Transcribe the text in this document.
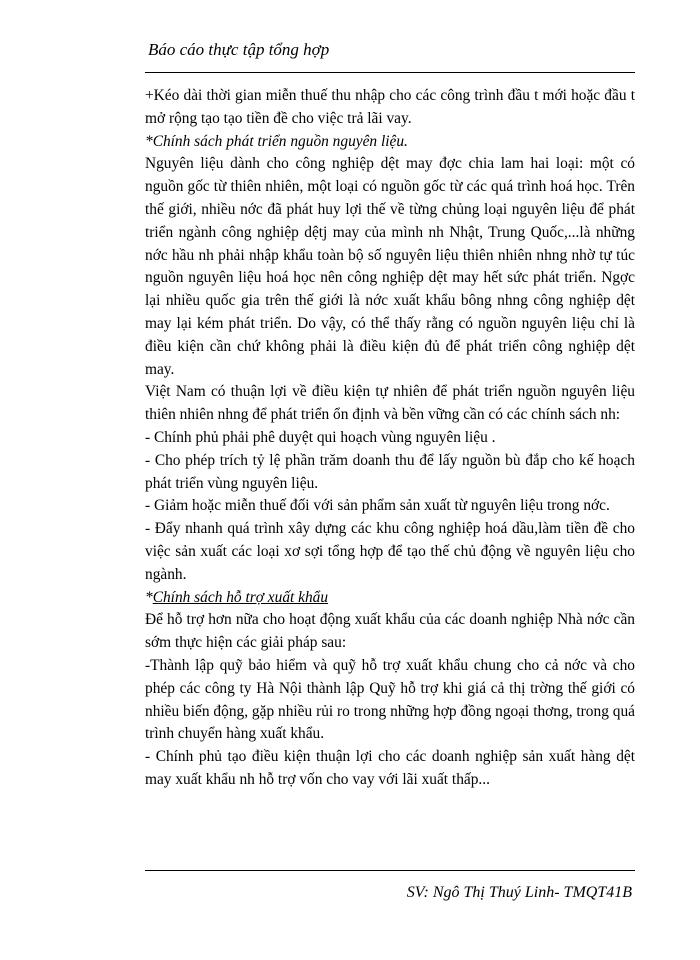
Báo cáo thực tập tổng hợp

+Kéo dài thời gian miễn thuế thu nhập cho các công trình đầu t mới hoặc đầu t mở rộng tạo tạo tiền đề cho việc trả lãi vay.

*Chính sách phát triển nguồn nguyên liệu.

Nguyên liệu dành cho công nghiệp dệt may đợc chia lam hai loại: một có nguồn gốc từ thiên nhiên, một loại có nguồn gốc từ các quá trình hoá học. Trên thế giới, nhiều nớc đã phát huy lợi thế về từng chủng loại nguyên liệu để phát triển ngành công nghiệp dệtj may của mình nh Nhật, Trung Quốc,...là những nớc hầu nh phải nhập khẩu toàn bộ số nguyên liệu thiên nhiên nhng nhờ tự túc nguồn nguyên liệu hoá học nên công nghiệp dệt may hết sức phát triển. Ngợc lại nhiều quốc gia trên thế giới là nớc xuất khẩu bông nhng công nghiệp dệt may lại kém phát triển. Do vậy, có thể thấy rằng có nguồn nguyên liệu chỉ là điều kiện cần chứ không phải là điều kiện đủ để phát triển công nghiệp dệt may.

Việt Nam có thuận lợi về điều kiện tự nhiên để phát triển nguồn nguyên liệu thiên nhiên nhng để phát triển ổn định và bền vững cần có các chính sách nh:

- Chính phủ phải phê duyệt qui hoạch vùng nguyên liệu .

- Cho phép trích tỷ lệ phần trăm doanh thu để lấy nguồn bù đắp cho kế hoạch phát triển vùng nguyên liệu.

- Giảm hoặc miễn thuế đối với sản phẩm sản xuất từ nguyên liệu trong nớc.

- Đẩy nhanh quá trình xây dựng các khu công nghiệp hoá dầu,làm tiền đề cho việc sản xuất các loại xơ sợi tổng hợp để tạo thế chủ động về nguyên liệu cho ngành.

*Chính sách hỗ trợ xuất khẩu

Để hỗ trợ hơn nữa cho hoạt động xuất khẩu của các doanh nghiệp Nhà nớc cần sớm thực hiện các giải pháp sau:

-Thành lập quỹ bảo hiểm và quỹ hỗ trợ xuất khẩu chung cho cả nớc và cho phép các công ty Hà Nội thành lập Quỹ hỗ trợ khi giá cả thị trờng thế giới có nhiều biến động, gặp nhiều rủi ro trong những hợp đồng ngoại thơng, trong quá trình chuyển hàng xuất khẩu.

- Chính phủ tạo điều kiện thuận lợi cho các doanh nghiệp sản xuất hàng dệt may xuất khẩu nh hỗ trợ vốn cho vay với lãi xuất thấp...

SV: Ngô Thị Thuý Linh- TMQT41B
